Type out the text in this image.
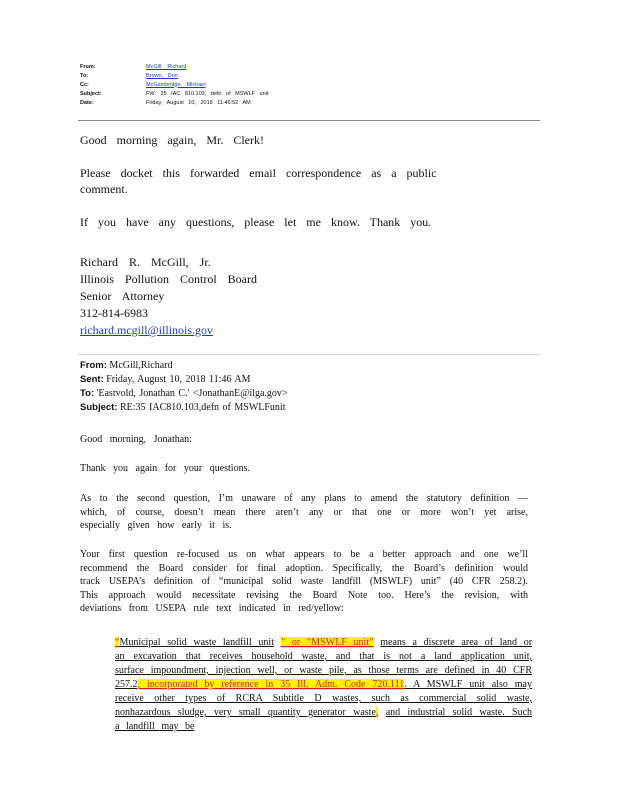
From:	McGill, Richard
To:	Brown, Don
Cc:	McGambridge, Michael
Subject:	FW: 35 IAC 810.103, defn of MSWLF unit
Date:	Friday, August 10, 2018 11:46:52 AM

Good morning again, Mr. Clerk!

Please docket this forwarded email correspondence as a public comment.

If you have any questions, please let me know. Thank you.

Richard R. McGill, Jr.
Illinois Pollution Control Board
Senior Attorney
312-814-6983
richard.mcgill@illinois.gov
From: McGill,Richard
Sent: Friday, August 10, 2018 11:46 AM
To: 'Eastvold, Jonathan C.' <JonathanE@ilga.gov>
Subject: RE:35 IAC810.103,defn of MSWLFunit
Good morning, Jonathan:
Thank you again for your questions.
As to the second question, I’m unaware of any plans to amend the statutory definition —which, of course, doesn’t mean there aren’t any or that one or more won’t yet arise, especially given how early it is.
Your first question re-focused us on what appears to be a better approach and one we’ll recommend the Board consider for final adoption. Specifically, the Board’s definition would track USEPA’s definition of “municipal solid waste landfill (MSWLF) unit” (40 CFR 258.2). This approach would necessitate revising the Board Note too. Here’s the revision, with deviations from USEPA rule text indicated in red/yellow:
“Municipal solid waste landfill unit ” or “MSWLF unit” means a discrete area of land or an excavation that receives household waste, and that is not a land application unit, surface impoundment, injection well, or waste pile, as those terms are defined in 40 CFR 257.2, incorporated by reference in 35 Ill. Adm. Code 720.111. A MSWLF unit also may receive other types of RCRA Subtitle D wastes, such as commercial solid waste, nonhazardous sludge, very small quantity generator waste, and industrial solid waste. Such a landfill may be
